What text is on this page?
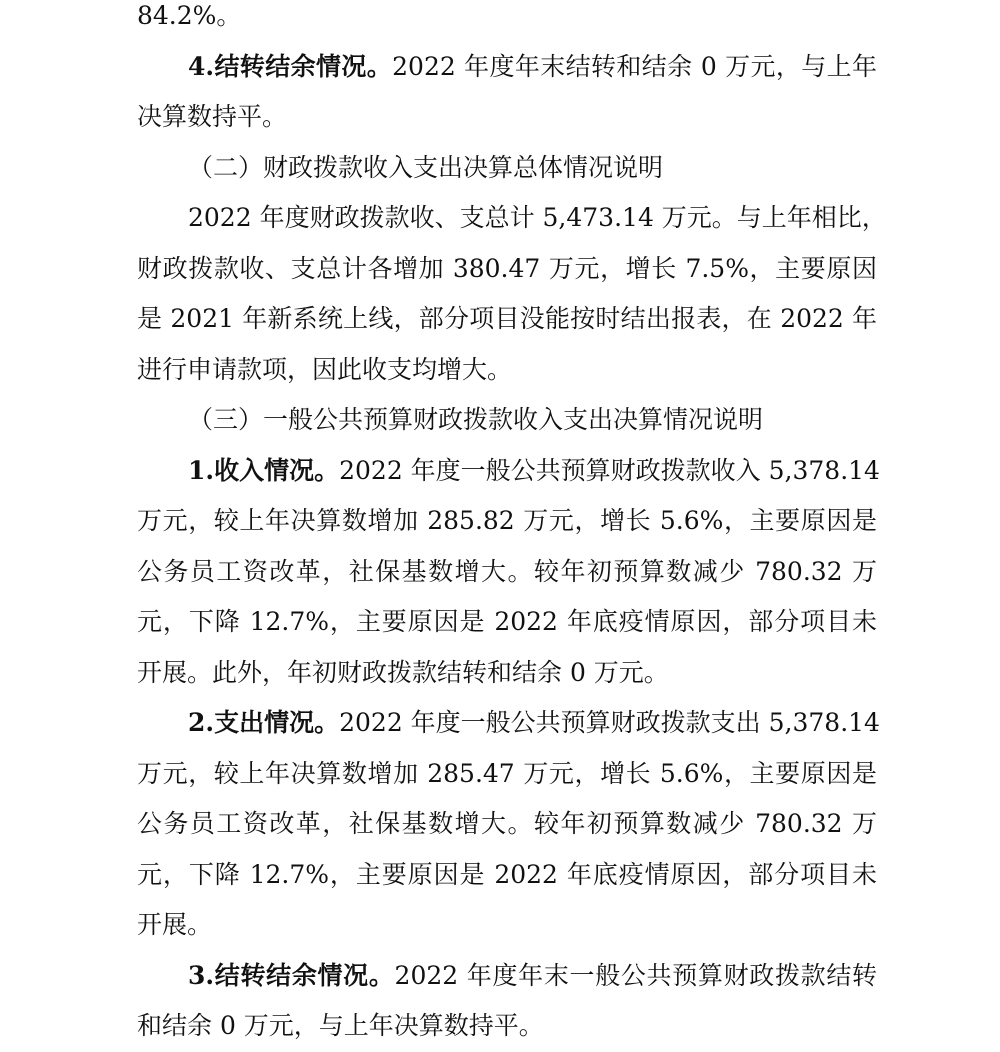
84.2%。
4.结转结余情况。2022 年度年末结转和结余 0 万元，与上年
决算数持平。
（二）财政拨款收入支出决算总体情况说明
2022 年度财政拨款收、支总计 5,473.14 万元。与上年相比，
财政拨款收、支总计各增加 380.47 万元，增长 7.5%，主要原因
是 2021 年新系统上线，部分项目没能按时结出报表，在 2022 年
进行申请款项，因此收支均增大。
（三）一般公共预算财政拨款收入支出决算情况说明
1.收入情况。2022 年度一般公共预算财政拨款收入 5,378.14
万元，较上年决算数增加 285.82 万元，增长 5.6%，主要原因是
公务员工资改革，社保基数增大。较年初预算数减少 780.32 万
元，下降 12.7%，主要原因是 2022 年底疫情原因，部分项目未
开展。此外，年初财政拨款结转和结余 0 万元。
2.支出情况。2022 年度一般公共预算财政拨款支出 5,378.14
万元，较上年决算数增加 285.47 万元，增长 5.6%，主要原因是
公务员工资改革，社保基数增大。较年初预算数减少 780.32 万
元，下降 12.7%，主要原因是 2022 年底疫情原因，部分项目未
开展。
3.结转结余情况。2022 年度年末一般公共预算财政拨款结转
和结余 0 万元，与上年决算数持平。
